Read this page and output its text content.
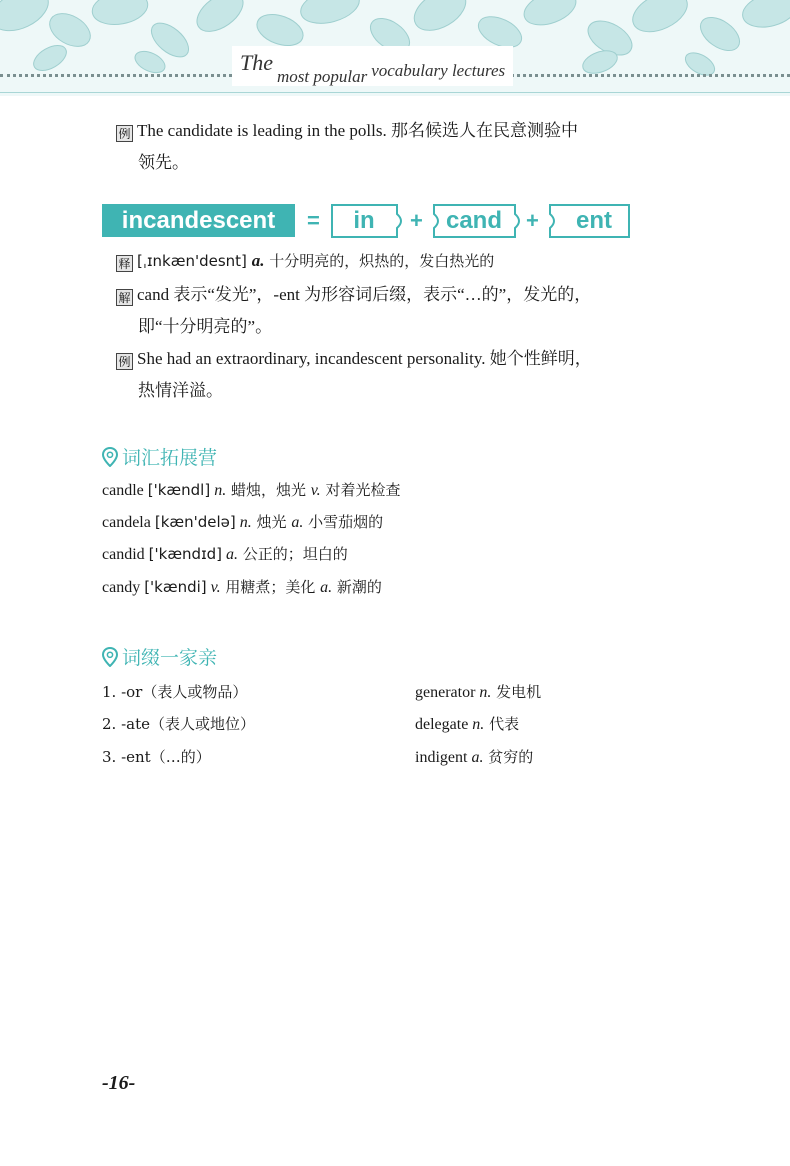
The most popular vocabulary lectures
例 The candidate is leading in the polls. 那名候选人在民意测验中
领先。
incandescent	=	in	+ cand	+	ent
释 [ˌɪnkæn'desnt] a. 十分明亮的，炽热的，发白热光的
解 cand 表示“发光”，-ent 为形容词后缀，表示“…的”，发光的，
即“十分明亮的”。
例 She had an extraordinary, incandescent personality. 她个性鲜明，
热情洋溢。
词汇拓展营
candle ['kændl] n. 蜡烛，烛光 v. 对着光检查
candela [kæn'delə] n. 烛光 a. 小雪茄烟的
candid ['kændɪd] a. 公正的；坦白的
candy ['kændi] v. 用糖煮；美化 a. 新潮的
词缀一家亲
1. -or（表人或物品）	generator n. 发电机
2. -ate（表人或地位）	delegate n. 代表
3. -ent（…的）	indigent a. 贫穷的
-16-
